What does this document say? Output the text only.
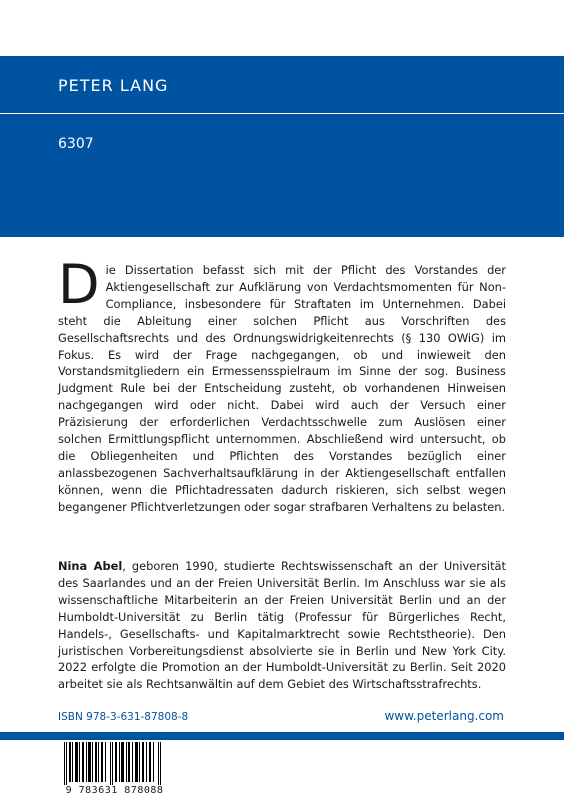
PETER LANG
6307
Die Dissertation befasst sich mit der Pflicht des Vorstandes der Aktiengesellschaft zur Aufklärung von Verdachtsmomenten für Non-Compliance, insbesondere für Straftaten im Unternehmen. Dabei steht die Ableitung einer solchen Pflicht aus Vorschriften des Gesellschaftsrechts und des Ordnungswidrigkeitenrechts (§ 130 OWiG) im Fokus. Es wird der Frage nachgegangen, ob und inwieweit den Vorstandsmitgliedern ein Ermessensspielraum im Sinne der sog. Business Judgment Rule bei der Entscheidung zusteht, ob vorhandenen Hinweisen nachgegangen wird oder nicht. Dabei wird auch der Versuch einer Präzisierung der erforderlichen Verdachtsschwelle zum Auslösen einer solchen Ermittlungspflicht unternommen. Abschließend wird untersucht, ob die Obliegenheiten und Pflichten des Vorstandes bezüglich einer anlassbezogenen Sachverhaltsaufklärung in der Aktiengesellschaft entfallen können, wenn die Pflichtadressaten dadurch riskieren, sich selbst wegen begangener Pflichtverletzungen oder sogar strafbaren Verhaltens zu belasten.
Nina Abel, geboren 1990, studierte Rechtswissenschaft an der Universität des Saarlandes und an der Freien Universität Berlin. Im Anschluss war sie als wissenschaftliche Mitarbeiterin an der Freien Universität Berlin und an der Humboldt-Universität zu Berlin tätig (Professur für Bürgerliches Recht, Handels-, Gesellschafts- und Kapitalmarktrecht sowie Rechtstheorie). Den juristischen Vorbereitungsdienst absolvierte sie in Berlin und New York City. 2022 erfolgte die Promotion an der Humboldt-Universität zu Berlin. Seit 2020 arbeitet sie als Rechtsanwältin auf dem Gebiet des Wirtschaftsstrafrechts.
ISBN 978-3-631-87808-8	www.peterlang.com
9 783631 878088
